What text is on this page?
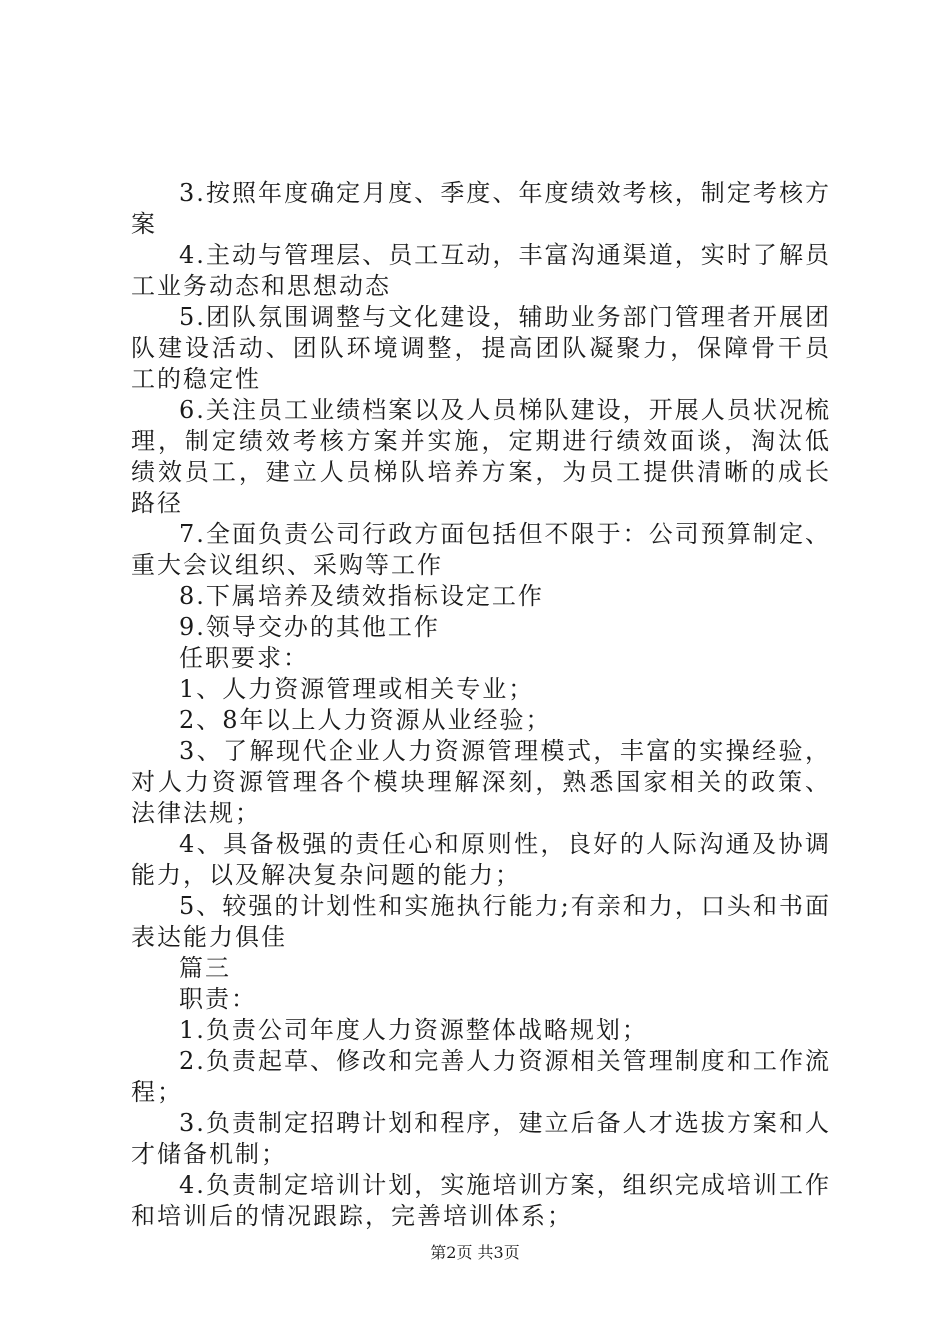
3.按照年度确定月度、季度、年度绩效考核，制定考核方案

4.主动与管理层、员工互动，丰富沟通渠道，实时了解员工业务动态和思想动态

5.团队氛围调整与文化建设，辅助业务部门管理者开展团队建设活动、团队环境调整，提高团队凝聚力，保障骨干员工的稳定性

6.关注员工业绩档案以及人员梯队建设，开展人员状况梳理，制定绩效考核方案并实施，定期进行绩效面谈，淘汰低绩效员工，建立人员梯队培养方案，为员工提供清晰的成长路径

7.全面负责公司行政方面包括但不限于：公司预算制定、重大会议组织、采购等工作

8.下属培养及绩效指标设定工作

9.领导交办的其他工作

任职要求：

1、人力资源管理或相关专业；

2、8年以上人力资源从业经验；

3、了解现代企业人力资源管理模式，丰富的实操经验，对人力资源管理各个模块理解深刻，熟悉国家相关的政策、法律法规；

4、具备极强的责任心和原则性，良好的人际沟通及协调能力，以及解决复杂问题的能力；

5、较强的计划性和实施执行能力;有亲和力，口头和书面表达能力俱佳

篇三

职责：

1.负责公司年度人力资源整体战略规划；

2.负责起草、修改和完善人力资源相关管理制度和工作流程；

3.负责制定招聘计划和程序，建立后备人才选拔方案和人才储备机制；

4.负责制定培训计划，实施培训方案，组织完成培训工作和培训后的情况跟踪，完善培训体系；

第2页 共3页
